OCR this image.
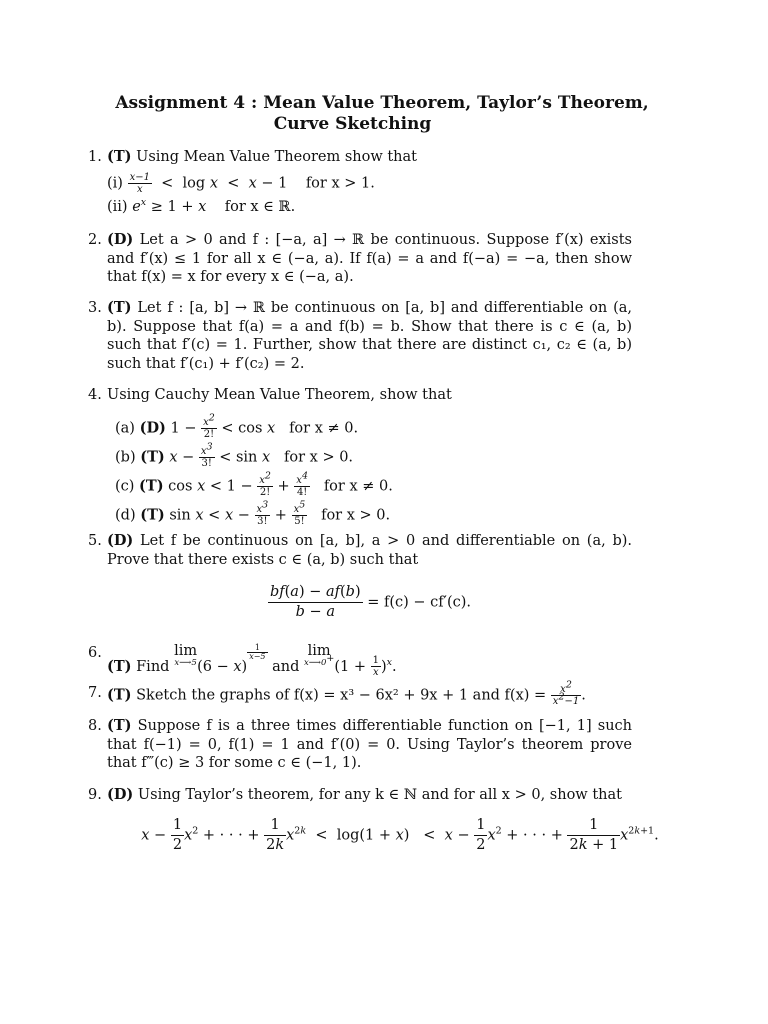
Assignment 4 : Mean Value Theorem, Taylor’s Theorem,
Curve Sketching
1. (T) Using Mean Value Theorem show that
$(i) \frac{x-1}{x} < \log x < x - 1$    for x > 1.
(ii) $e^x \ge 1 + x$ for x ∈ ℝ.
2. (D) Let a > 0 and f : [−a, a] → ℝ be continuous. Suppose f′(x) exists and f′(x) ≤ 1 for all x ∈ (−a, a). If f(a) = a and f(−a) = −a, then show that f(x) = x for every x ∈ (−a, a).
3. (T) Let f : [a, b] → ℝ be continuous on [a, b] and differentiable on (a, b). Suppose that f(a) = a and f(b) = b. Show that there is c ∈ (a, b) such that f′(c) = 1. Further, show that there are distinct c₁, c₂ ∈ (a, b) such that f′(c₁) + f′(c₂) = 2.
4. Using Cauchy Mean Value Theorem, show that
(a) (D) $1 - \frac{x^2}{2!} < \cos x$ for x ≠ 0.
(b) (T) $x - \frac{x^3}{3!} < \sin x$ for x > 0.
(c) (T) $\cos x < 1 - \frac{x^2}{2!} + \frac{x^4}{4!}$ for x ≠ 0.
(d) (T) $\sin x < x - \frac{x^3}{3!} + \frac{x^5}{5!}$ for x > 0.
5. (D) Let f be continuous on [a, b], a > 0 and differentiable on (a, b). Prove that there exists c ∈ (a, b) such that
$\frac{bf(a) - af(b)}{b - a} = f(c) - cf'(c)$.
6.
(T) Find lim
x⟶5 (6 − x)
$^{\frac{1}{x-5}}$
and lim
x⟶0+
$(1 + \frac{1}{x} )^x$.
7. (T) Sketch the graphs of f(x) = x³ − 6x² + 9x + 1 and $f(x) = \frac{x^2}{x^2-1}$ .
8. (T) Suppose f is a three times differentiable function on [−1, 1] such that f(−1) = 0, f(1) = 1 and f′(0) = 0. Using Taylor’s theorem prove that f‴(c) ≥ 3 for some c ∈ (−1, 1).
9. (D) Using Taylor’s theorem, for any k ∈ ℕ and for all x > 0, show that
$x - \frac{1}{2} x^2$ + · · · + $\frac{1}{2k} x^{2k} < \log(1 + x) < x - \frac{1}{2} x^2$ + · · · + $\frac{1}{2k + 1} x^{2k+1}$.
